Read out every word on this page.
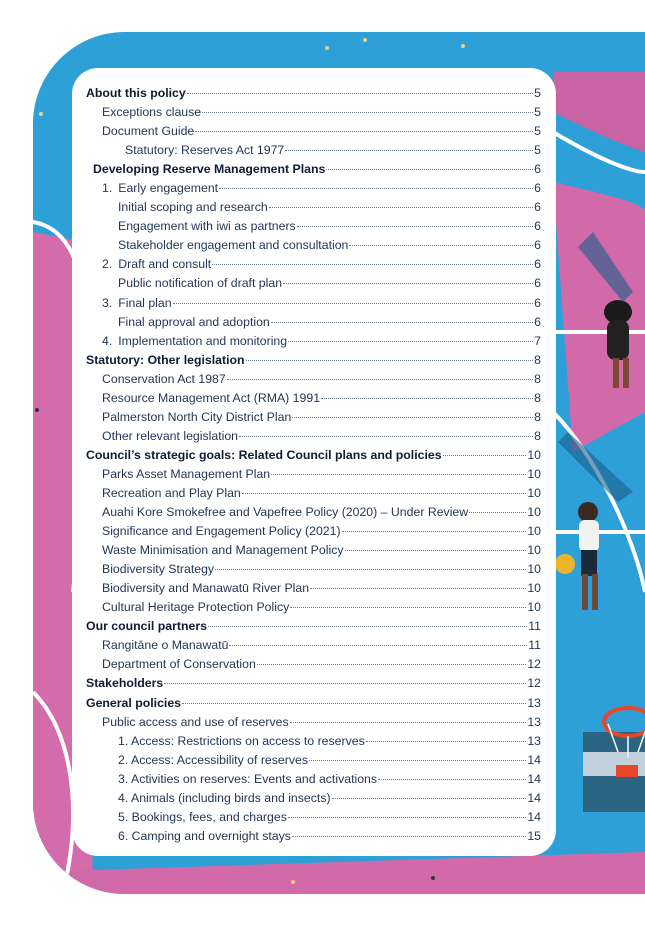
About this policy	5
Exceptions clause	5
Document Guide	5
Statutory: Reserves Act 1977	5
Developing Reserve Management Plans	6
1. Early engagement	6
Initial scoping and research	6
Engagement with iwi as partners	6
Stakeholder engagement and consultation	6
2. Draft and consult	6
Public notification of draft plan	6
3. Final plan	6
Final approval and adoption	6
4. Implementation and monitoring	7
Statutory: Other legislation	8
Conservation Act 1987	8
Resource Management Act (RMA) 1991	8
Palmerston North City District Plan	8
Other relevant legislation	8
Council’s strategic goals: Related Council plans and policies	10
Parks Asset Management Plan	10
Recreation and Play Plan	10
Auahi Kore Smokefree and Vapefree Policy (2020) – Under Review	10
Significance and Engagement Policy (2021)	10
Waste Minimisation and Management Policy	10
Biodiversity Strategy	10
Biodiversity and Manawatū River Plan	10
Cultural Heritage Protection Policy	10
Our council partners	11
Rangitāne o Manawatū	11
Department of Conservation	12
Stakeholders	12
General policies	13
Public access and use of reserves	13
1. Access: Restrictions on access to reserves	13
2. Access: Accessibility of reserves	14
3. Activities on reserves: Events and activations	14
4. Animals (including birds and insects)	14
5. Bookings, fees, and charges	14
6. Camping and overnight stays	15
